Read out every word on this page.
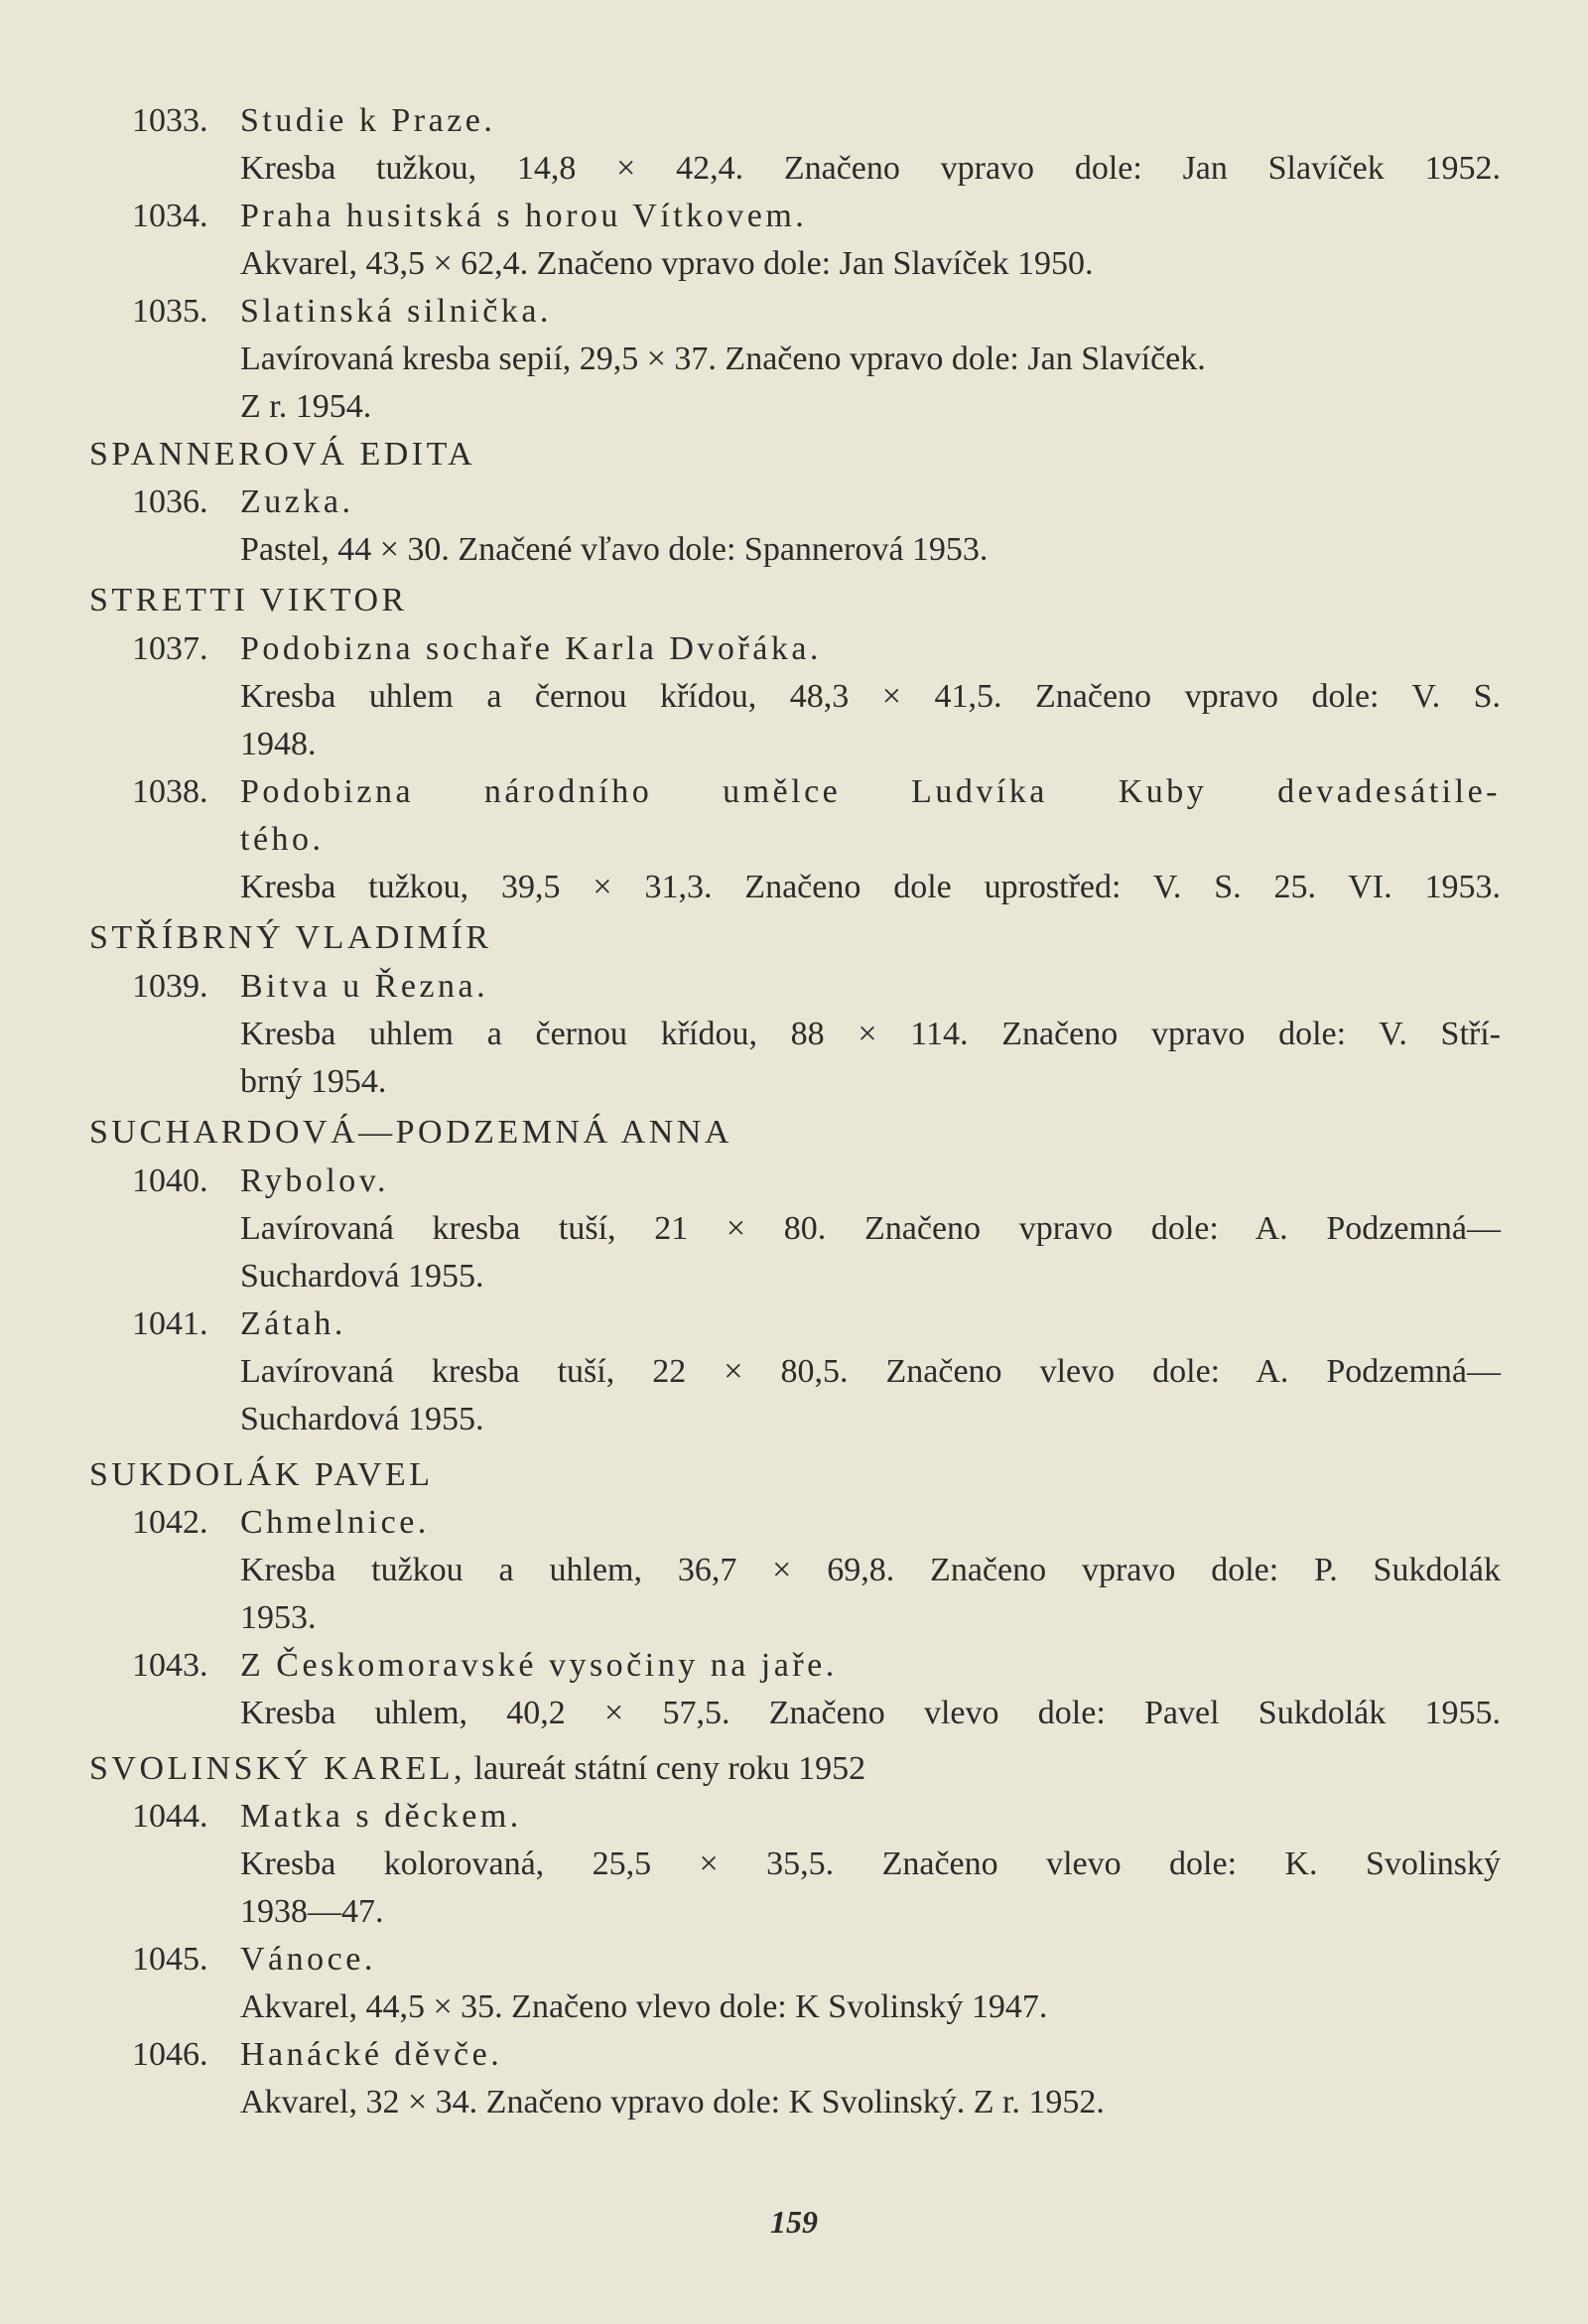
1033. Studie k Praze.
Kresba tužkou, 14,8 × 42,4. Značeno vpravo dole: Jan Slavíček 1952.
1034. Praha husitská s horou Vítkovem.
Akvarel, 43,5 × 62,4. Značeno vpravo dole: Jan Slavíček 1950.
1035. Slatinská silnička.
Lavírovaná kresba sepií, 29,5 × 37. Značeno vpravo dole: Jan Slavíček.
Z r. 1954.
SPANNEROVÁ EDITA
1036. Zuzka.
Pastel, 44 × 30. Značené vľavo dole: Spannerová 1953.
STRETTI VIKTOR
1037. Podobizna sochaře Karla Dvořáka.
Kresba uhlem a černou křídou, 48,3 × 41,5. Značeno vpravo dole: V. S.
1948.
1038. Podobizna národního umělce Ludvíka Kuby devadesátile-
tého.
Kresba tužkou, 39,5 × 31,3. Značeno dole uprostřed: V. S. 25. VI. 1953.
STŘÍBRNÝ VLADIMÍR
1039. Bitva u Řezna.
Kresba uhlem a černou křídou, 88 × 114. Značeno vpravo dole: V. Stří-
brný 1954.
SUCHARDOVÁ—PODZEMNÁ ANNA
1040. Rybolov.
Lavírovaná kresba tuší, 21 × 80. Značeno vpravo dole: A. Podzemná—
Suchardová 1955.
1041. Zátah.
Lavírovaná kresba tuší, 22 × 80,5. Značeno vlevo dole: A. Podzemná—
Suchardová 1955.
SUKDOLÁK PAVEL
1042. Chmelnice.
Kresba tužkou a uhlem, 36,7 × 69,8. Značeno vpravo dole: P. Sukdolák
1953.
1043. Z Českomoravské vysočiny na jaře.
Kresba uhlem, 40,2 × 57,5. Značeno vlevo dole: Pavel Sukdolák 1955.
SVOLINSKÝ KAREL, laureát státní ceny roku 1952
1044. Matka s děckem.
Kresba kolorovaná, 25,5 × 35,5. Značeno vlevo dole: K. Svolinský
1938—47.
1045. Vánoce.
Akvarel, 44,5 × 35. Značeno vlevo dole: K Svolinský 1947.
1046. Hanácké děvče.
Akvarel, 32 × 34. Značeno vpravo dole: K Svolinský. Z r. 1952.
159
